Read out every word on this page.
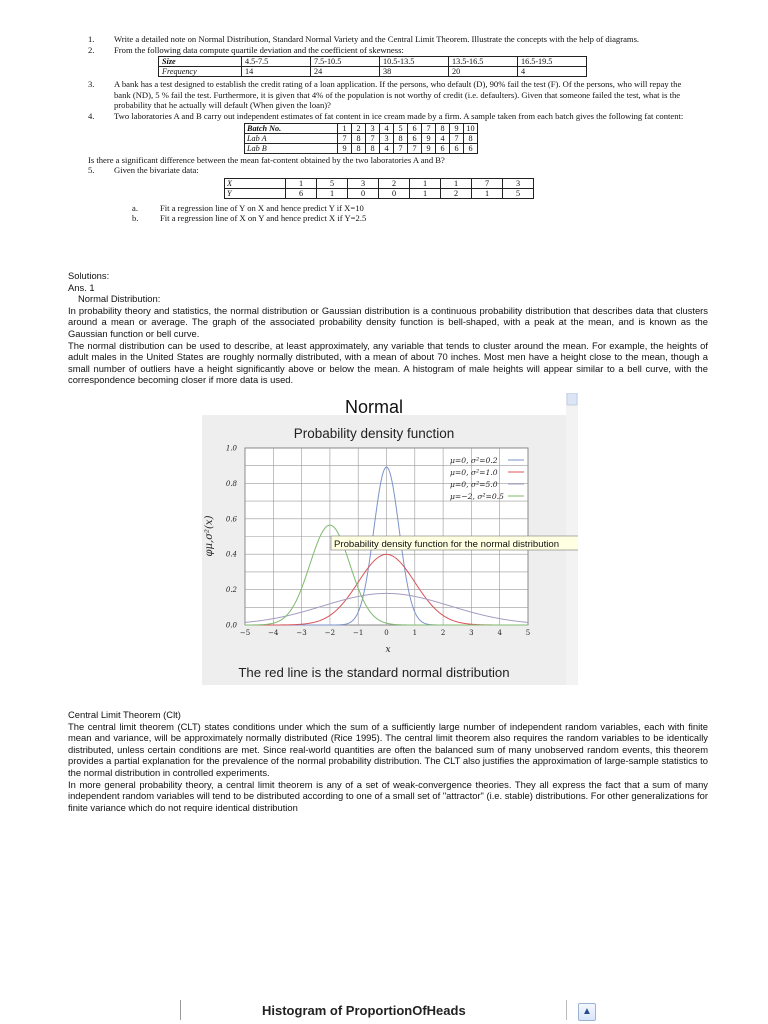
1. Write a detailed note on Normal Distribution, Standard Normal Variety and the Central Limit Theorem. Illustrate the concepts with the help of diagrams.
2. From the following data compute quartile deviation and the coefficient of skewness:
Size	4.5-7.5	7.5-10.5	10.5-13.5	13.5-16.5	16.5-19.5
Frequency	14	24	38	20	4
3. A bank has a test designed to establish the credit rating of a loan application. If the persons, who default (D), 90% fail the test (F). Of the persons, who will repay the bank (ND), 5 % fail the test. Furthermore, it is given that 4% of the population is not worthy of credit (i.e. defaulters). Given that someone failed the test, what is the probability that he actually will default (When given the loan)?
4. Two laboratories A and B carry out independent estimates of fat content in ice cream made by a firm. A sample taken from each batch gives the following fat content:
Batch No.	1	2	3	4	5	6	7	8	9	10
Lab A	7	8	7	3	8	6	9	4	7	8
Lab B	9	8	8	4	7	7	9	6	6	6
Is there a significant difference between the mean fat-content obtained by the two laboratories A and B?
5. Given the bivariate data:
X	1	5	3	2	1	1	7	3
Y	6	1	0	0	1	2	1	5
a.	Fit a regression line of Y on X and hence predict Y if X=10
b.	Fit a regression line of X on Y and hence predict X if Y=2.5
Solutions:
Ans. 1
Normal Distribution:

In probability theory and statistics, the normal distribution or Gaussian distribution is a continuous probability distribution that describes data that clusters around a mean or average. The graph of the associated probability density function is bell-shaped, with a peak at the mean, and is known as the Gaussian function or bell curve.

The normal distribution can be used to describe, at least approximately, any variable that tends to cluster around the mean. For example, the heights of adult males in the United States are roughly normally distributed, with a mean of about 70 inches. Most men have a height close to the mean, though a small number of outliers have a height significantly above or below the mean. A histogram of male heights will appear similar to a bell curve, with the correspondence becoming closer if more data is used.

Normal
Probability density function
−5	−4	−3	−2	−1	0	1	2	3	4	5
0.0
0.2
0.4
0.6
0.8
1.0
μ=0, σ²=0.2
μ=0, σ²=1.0
μ=0, σ²=5.0
μ=−2, σ²=0.5
φμ,σ²(x)
x
Probability density function for the normal distribution
The red line is the standard normal distribution
Central Limit Theorem (Clt)

The central limit theorem (CLT) states conditions under which the sum of a sufficiently large number of independent random variables, each with finite mean and variance, will be approximately normally distributed (Rice 1995). The central limit theorem also requires the random variables to be identically distributed, unless certain conditions are met. Since real-world quantities are often the balanced sum of many unobserved random events, this theorem provides a partial explanation for the prevalence of the normal probability distribution. The CLT also justifies the approximation of large-sample statistics to the normal distribution in controlled experiments.

In more general probability theory, a central limit theorem is any of a set of weak-convergence theories. They all express the fact that a sum of many independent random variables will tend to be distributed according to one of a small set of "attractor" (i.e. stable) distributions. For other generalizations for finite variance which do not require identical distribution

Histogram of ProportionOfHeads	▲
